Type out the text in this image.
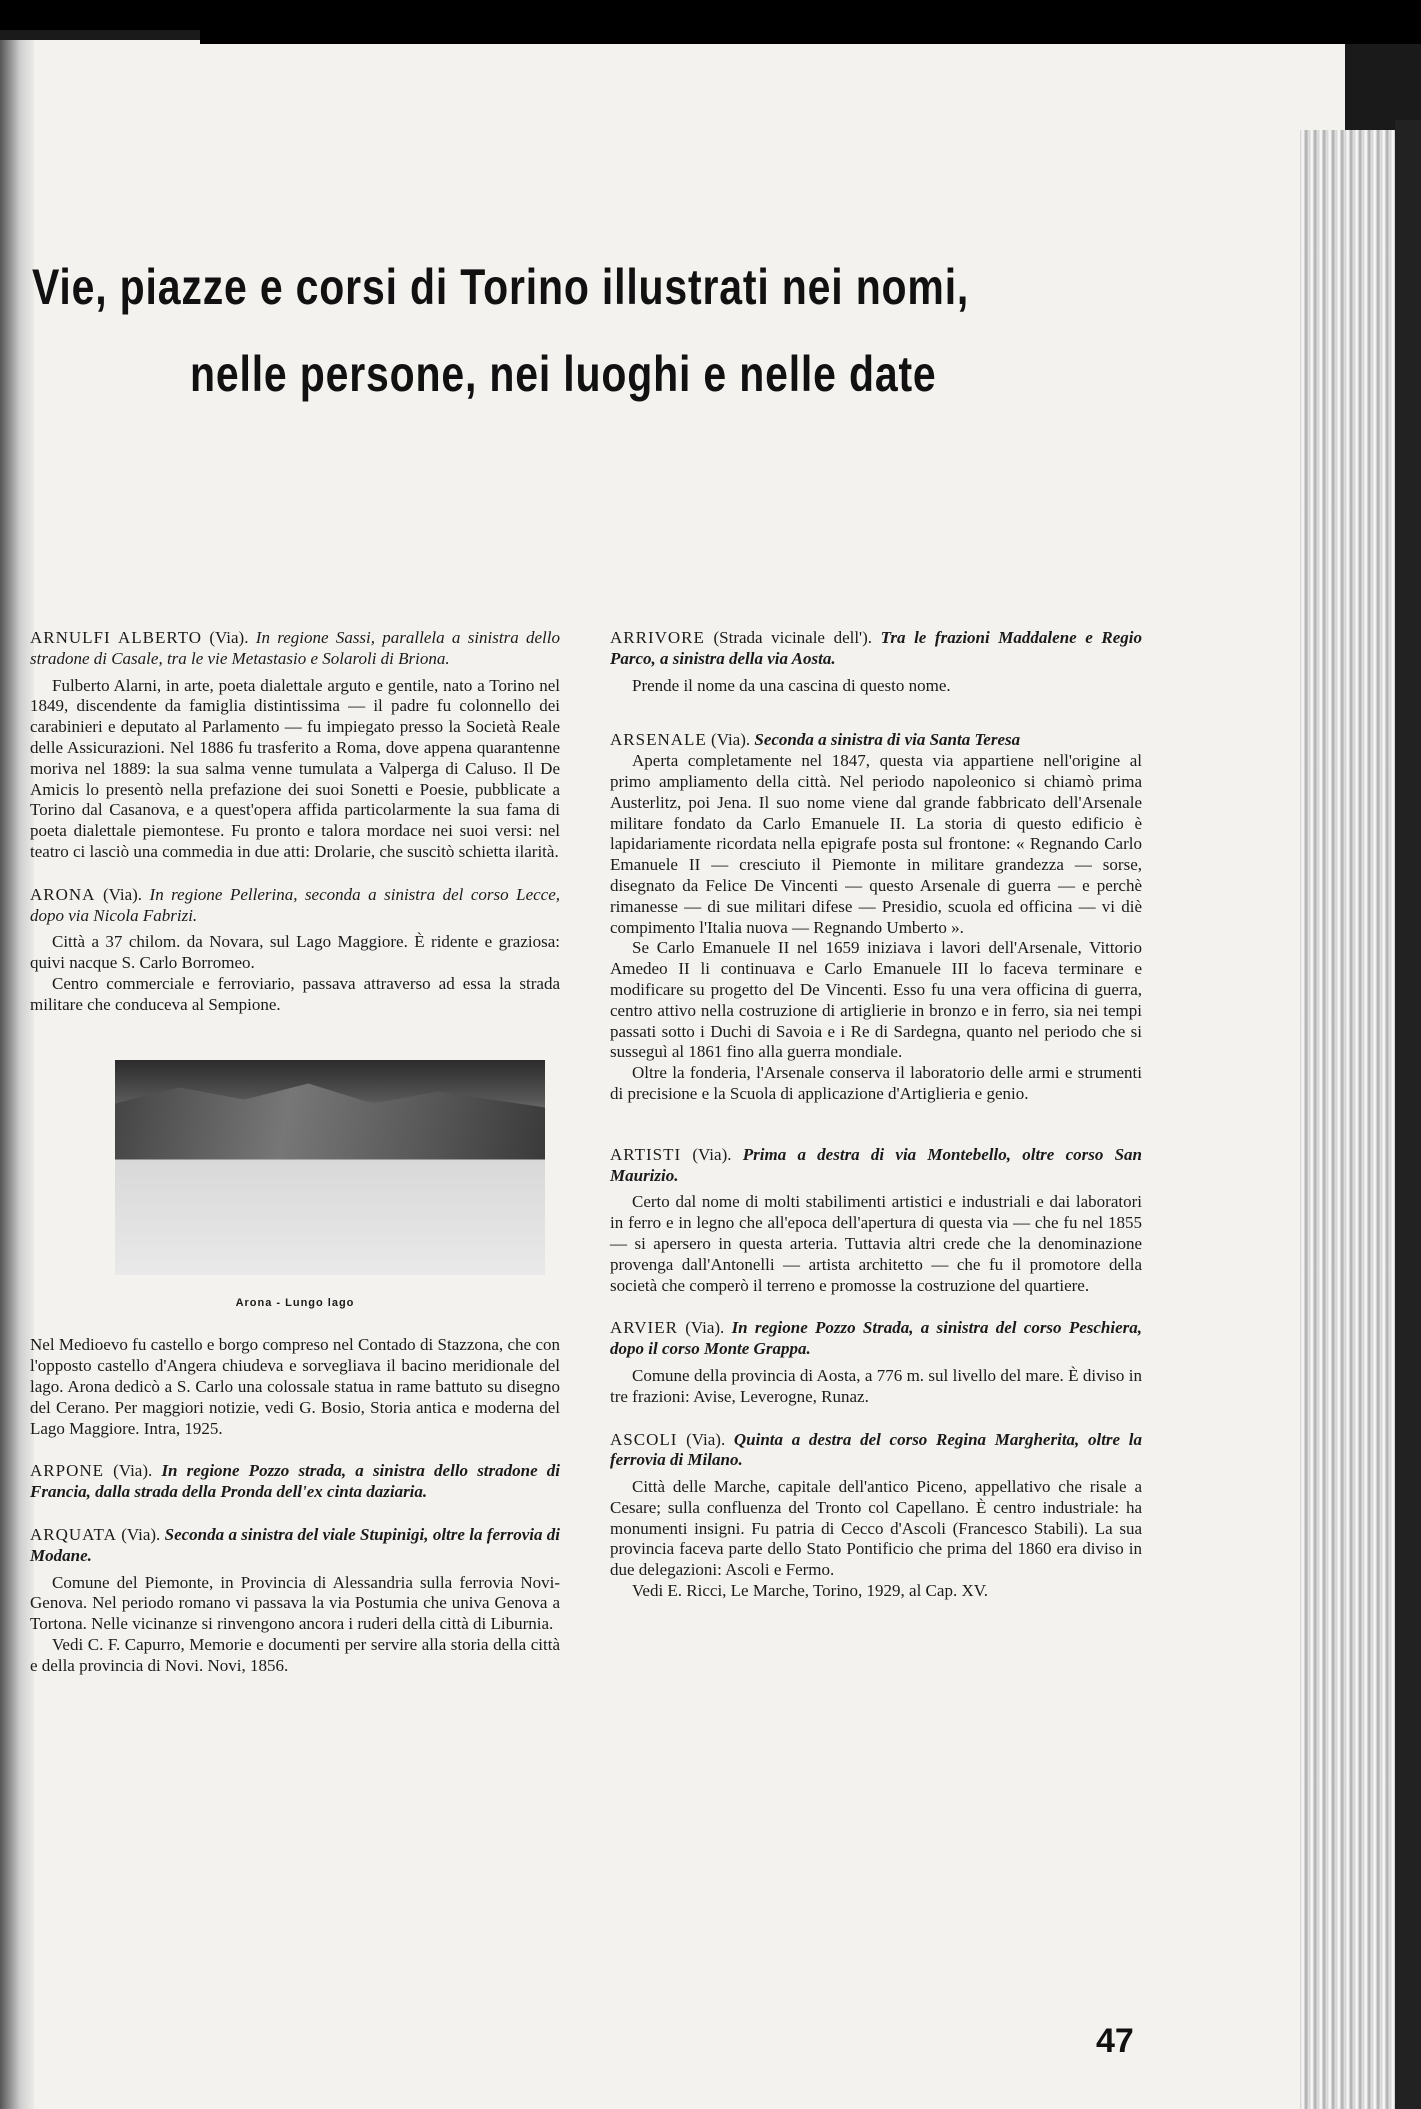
Vie, piazze e corsi di Torino illustrati nei nomi,
nelle persone, nei luoghi e nelle date
ARNULFI ALBERTO (Via). In regione Sassi, parallela a sinistra dello stradone di Casale, tra le vie Metastasio e Solaroli di Briona.

Fulberto Alarni, in arte, poeta dialettale arguto e gentile, nato a Torino nel 1849, discendente da famiglia distintissima — il padre fu colonnello dei carabinieri e deputato al Parlamento — fu impiegato presso la Società Reale delle Assicurazioni. Nel 1886 fu trasferito a Roma, dove appena quarantenne moriva nel 1889: la sua salma venne tumulata a Valperga di Caluso. Il De Amicis lo presentò nella prefazione dei suoi Sonetti e Poesie, pubblicate a Torino dal Casanova, e a quest'opera affida particolarmente la sua fama di poeta dialettale piemontese. Fu pronto e talora mordace nei suoi versi: nel teatro ci lasciò una commedia in due atti: Drolarie, che suscitò schietta ilarità.

ARONA (Via). In regione Pellerina, seconda a sinistra del corso Lecce, dopo via Nicola Fabrizi.

Città a 37 chilom. da Novara, sul Lago Maggiore. È ridente e graziosa: quivi nacque S. Carlo Borromeo.

Centro commerciale e ferroviario, passava attraverso ad essa la strada militare che conduceva al Sempione.

Arona - Lungo lago

Nel Medioevo fu castello e borgo compreso nel Contado di Stazzona, che con l'opposto castello d'Angera chiudeva e sorvegliava il bacino meridionale del lago. Arona dedicò a S. Carlo una colossale statua in rame battuto su disegno del Cerano. Per maggiori notizie, vedi G. Bosio, Storia antica e moderna del Lago Maggiore. Intra, 1925.

ARPONE (Via). In regione Pozzo strada, a sinistra dello stradone di Francia, dalla strada della Pronda dell'ex cinta daziaria.
ARQUATA (Via). Seconda a sinistra del viale Stupinigi, oltre la ferrovia di Modane.

Comune del Piemonte, in Provincia di Alessandria sulla ferrovia Novi-Genova. Nel periodo romano vi passava la via Postumia che univa Genova a Tortona. Nelle vicinanze si rinvengono ancora i ruderi della città di Liburnia.

Vedi C. F. Capurro, Memorie e documenti per servire alla storia della città e della provincia di Novi. Novi, 1856.

ARRIVORE (Strada vicinale dell'). Tra le frazioni Maddalene e Regio Parco, a sinistra della via Aosta.

Prende il nome da una cascina di questo nome.

ARSENALE (Via). Seconda a sinistra di via Santa Teresa

Aperta completamente nel 1847, questa via appartiene nell'origine al primo ampliamento della città. Nel periodo napoleonico si chiamò prima Austerlitz, poi Jena. Il suo nome viene dal grande fabbricato dell'Arsenale militare fondato da Carlo Emanuele II. La storia di questo edificio è lapidariamente ricordata nella epigrafe posta sul frontone: « Regnando Carlo Emanuele II — cresciuto il Piemonte in militare grandezza — sorse, disegnato da Felice De Vincenti — questo Arsenale di guerra — e perchè rimanesse — di sue militari difese — Presidio, scuola ed officina — vi diè compimento l'Italia nuova — Regnando Umberto ».

Se Carlo Emanuele II nel 1659 iniziava i lavori dell'Arsenale, Vittorio Amedeo II li continuava e Carlo Emanuele III lo faceva terminare e modificare su progetto del De Vincenti. Esso fu una vera officina di guerra, centro attivo nella costruzione di artiglierie in bronzo e in ferro, sia nei tempi passati sotto i Duchi di Savoia e i Re di Sardegna, quanto nel periodo che si susseguì al 1861 fino alla guerra mondiale.

Oltre la fonderia, l'Arsenale conserva il laboratorio delle armi e strumenti di precisione e la Scuola di applicazione d'Artiglieria e genio.

ARTISTI (Via). Prima a destra di via Montebello, oltre corso San Maurizio.

Certo dal nome di molti stabilimenti artistici e industriali e dai laboratori in ferro e in legno che all'epoca dell'apertura di questa via — che fu nel 1855 — si apersero in questa arteria. Tuttavia altri crede che la denominazione provenga dall'Antonelli — artista architetto — che fu il promotore della società che comperò il terreno e promosse la costruzione del quartiere.

ARVIER (Via). In regione Pozzo Strada, a sinistra del corso Peschiera, dopo il corso Monte Grappa.

Comune della provincia di Aosta, a 776 m. sul livello del mare. È diviso in tre frazioni: Avise, Leverogne, Runaz.

ASCOLI (Via). Quinta a destra del corso Regina Margherita, oltre la ferrovia di Milano.

Città delle Marche, capitale dell'antico Piceno, appellativo che risale a Cesare; sulla confluenza del Tronto col Capellano. È centro industriale: ha monumenti insigni. Fu patria di Cecco d'Ascoli (Francesco Stabili). La sua provincia faceva parte dello Stato Pontificio che prima del 1860 era diviso in due delegazioni: Ascoli e Fermo.

Vedi E. Ricci, Le Marche, Torino, 1929, al Cap. XV.

47
